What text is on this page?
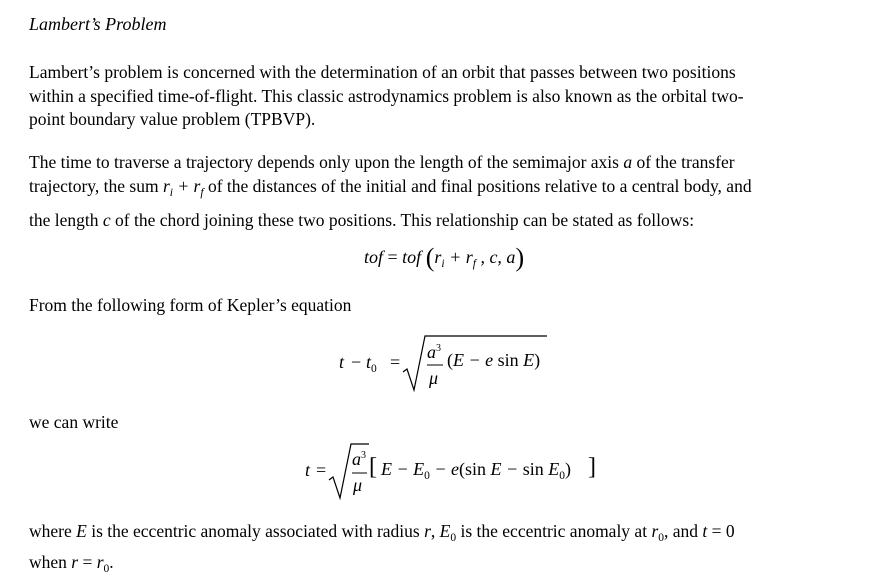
Lambert’s Problem
Lambert’s problem is concerned with the determination of an orbit that passes between two positions
within a specified time-of-flight. This classic astrodynamics problem is also known as the orbital two-
point boundary value problem (TPBVP).
The time to traverse a trajectory depends only upon the length of the semimajor axis a of the transfer
trajectory, the sum $r_i + r_f$ of the distances of the initial and final positions relative to a central body, and
the length c of the chord joining these two positions. This relationship can be stated as follows:
tof = tof ($r_i + r_f$ , c, a)
From the following form of Kepler’s equation
$t - t_0 = a^3$
μ
(E − e sin E)
we can write
t =
$a^3$
μ
[ $E - E_0 - e(\sin$ $E - \sin E_0$) ]
where E is the eccentric anomaly associated with radius r, $E_0$ is the eccentric anomaly at $r_0$, and t = 0
when $r = r_0$.
